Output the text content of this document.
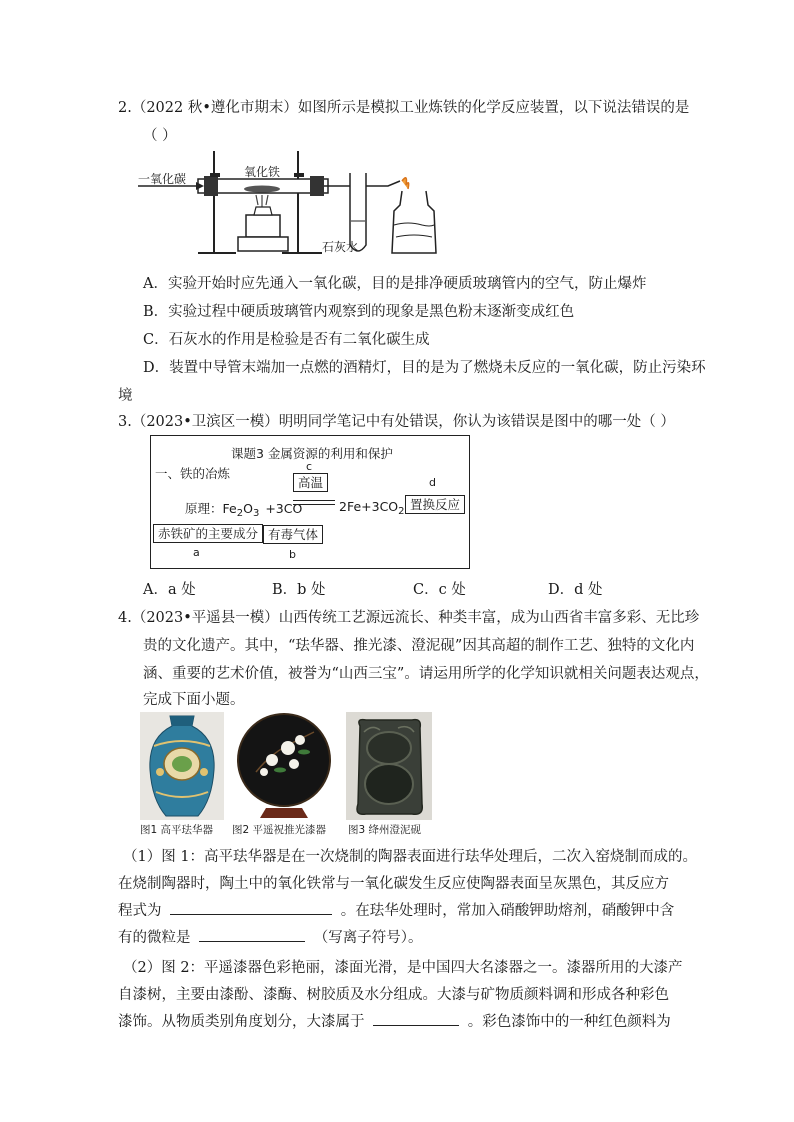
2.（2022 秋•遵化市期末）如图所示是模拟工业炼铁的化学反应装置，以下说法错误的是
（ ）
一氧化碳	氧化铁
石灰水
A．实验开始时应先通入一氧化碳，目的是排净硬质玻璃管内的空气，防止爆炸
B．实验过程中硬质玻璃管内观察到的现象是黑色粉末逐渐变成红色
C．石灰水的作用是检验是否有二氧化碳生成
D．装置中导管末端加一点燃的酒精灯，目的是为了燃烧未反应的一氧化碳，防止污染环
境
3.（2023•卫滨区一模）明明同学笔记中有处错误，你认为该错误是图中的哪一处（ ）
课题3 金属资源的利用和保护
一、铁的冶炼	c
d
高温
原理：$Fe_2O_3 +3CO$	$2Fe+3CO_2$ 置换反应
赤铁矿的主要成分 有毒气体
a	b
A．a 处	B．b 处	C．c 处	D．d 处
4.（2023•平遥县一模）山西传统工艺源远流长、种类丰富，成为山西省丰富多彩、无比珍
贵的文化遗产。其中，“珐华器、推光漆、澄泥砚”因其高超的制作工艺、独特的文化内
涵、重要的艺术价值，被誉为“山西三宝”。请运用所学的化学知识就相关问题表达观点，
完成下面小题。
图1 高平珐华器 图2 平遥祝推光漆器 图3 绛州澄泥砚
（1）图 1：高平珐华器是在一次烧制的陶器表面进行珐华处理后，二次入窑烧制而成的。
在烧制陶器时，陶土中的氧化铁常与一氧化碳发生反应使陶器表面呈灰黑色，其反应方
程式为	。在珐华处理时，常加入硝酸钾助熔剂，硝酸钾中含
有的微粒是	（写离子符号）。
（2）图 2：平遥漆器色彩艳丽，漆面光滑，是中国四大名漆器之一。漆器所用的大漆产
自漆树，主要由漆酚、漆酶、树胶质及水分组成。大漆与矿物质颜料调和形成各种彩色
漆饰。从物质类别角度划分，大漆属于	。彩色漆饰中的一种红色颜料为
